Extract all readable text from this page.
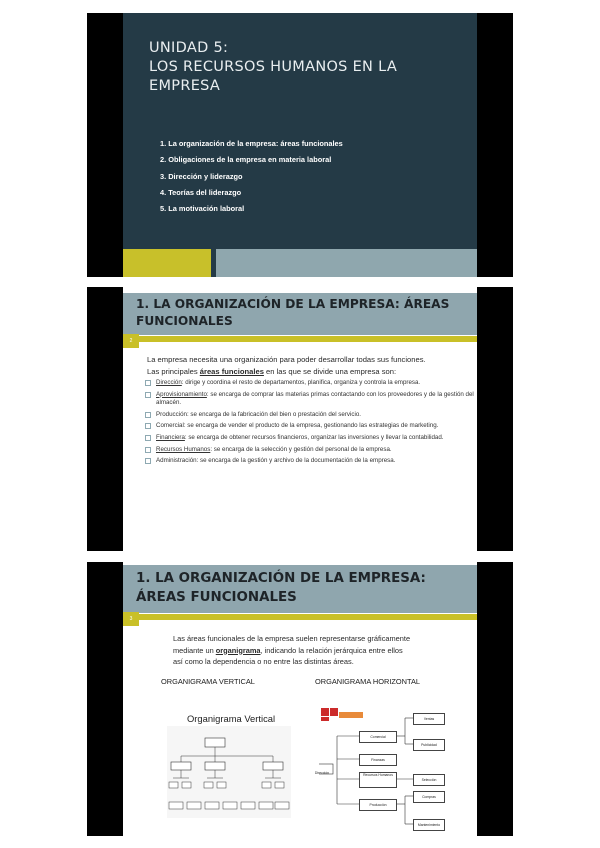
UNIDAD 5:
LOS RECURSOS HUMANOS EN LA
EMPRESA
1. La organización de la empresa: áreas funcionales
2. Obligaciones de la empresa en materia laboral
3. Dirección y liderazgo
4. Teorías del liderazgo
5. La motivación laboral
1. LA ORGANIZACIÓN DE LA EMPRESA: ÁREAS
FUNCIONALES
2
La empresa necesita una organización para poder desarrollar todas sus funciones.
Las principales áreas funcionales en las que se divide una empresa son:
Dirección: dirige y coordina el resto de departamentos, planifica, organiza y controla la empresa.
Aprovisionamiento: se encarga de comprar las materias primas contactando con los proveedores y de la gestión del almacén.
Producción: se encarga de la fabricación del bien o prestación del servicio.
Comercial: se encarga de vender el producto de la empresa, gestionando las estrategias de marketing.
Financiera: se encarga de obtener recursos financieros, organizar las inversiones y llevar la contabilidad.
Recursos Humanos: se encarga de la selección y gestión del personal de la empresa.
Administración: se encarga de la gestión y archivo de la documentación de la empresa.
1. LA ORGANIZACIÓN DE LA EMPRESA:
ÁREAS FUNCIONALES
3
Las áreas funcionales de la empresa suelen representarse gráficamente
mediante un organigrama, indicando la relación jerárquica entre ellos
así como la dependencia o no entre las distintas áreas.
ORGANIGRAMA VERTICAL	ORGANIGRAMA HORIZONTAL
Organigrama Vertical
Dirección
Comercial
Finanzas
Recursos Humanos
Producción
Ventas
Publicidad
Selección
Compras
Mantenimiento
